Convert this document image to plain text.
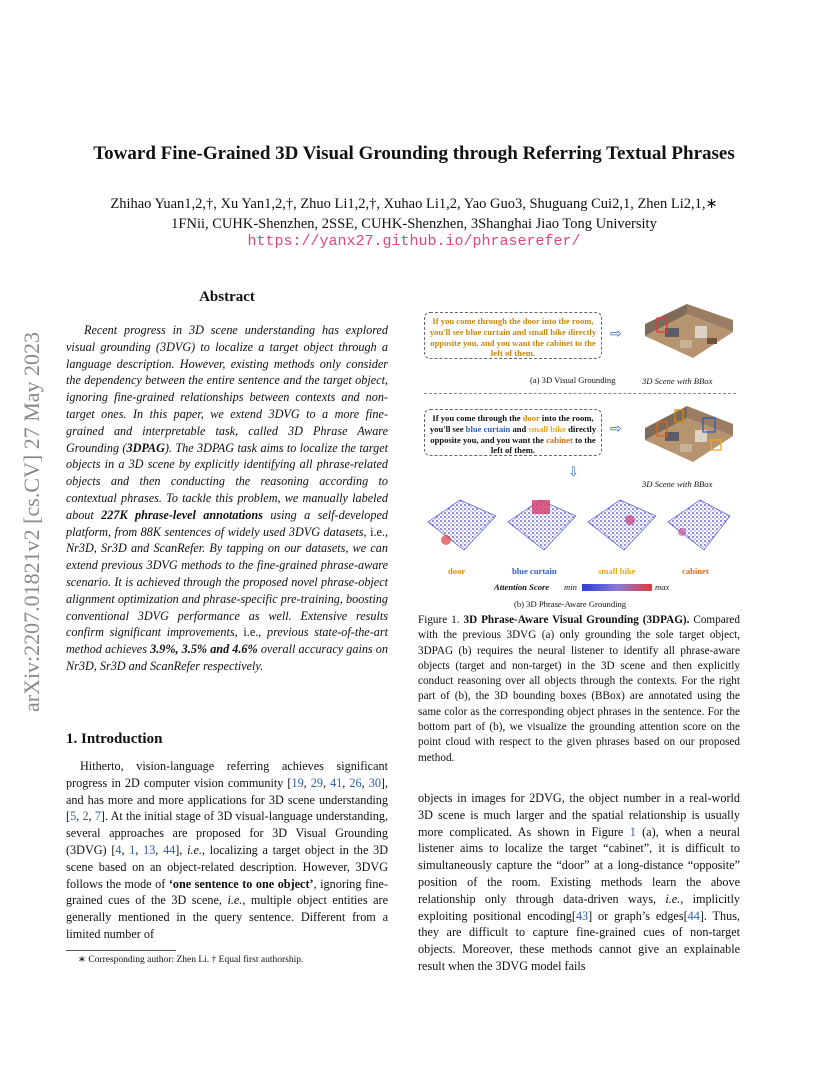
Toward Fine-Grained 3D Visual Grounding through Referring Textual Phrases
Zhihao Yuan1,2,†, Xu Yan1,2,†, Zhuo Li1,2,†, Xuhao Li1,2, Yao Guo3, Shuguang Cui2,1, Zhen Li2,1,∗
1FNii, CUHK-Shenzhen, 2SSE, CUHK-Shenzhen, 3Shanghai Jiao Tong University
https://yanx27.github.io/phraserefer/
arXiv:2207.01821v2 [cs.CV] 27 May 2023
Abstract

Recent progress in 3D scene understanding has explored visual grounding (3DVG) to localize a target object through a language description. However, existing methods only consider the dependency between the entire sentence and the target object, ignoring fine-grained relationships between contexts and non-target ones. In this paper, we extend 3DVG to a more fine-grained and interpretable task, called 3D Phrase Aware Grounding (3DPAG). The 3DPAG task aims to localize the target objects in a 3D scene by explicitly identifying all phrase-related objects and then conducting the reasoning according to contextual phrases. To tackle this problem, we manually labeled about 227K phrase-level annotations using a self-developed platform, from 88K sentences of widely used 3DVG datasets, i.e., Nr3D, Sr3D and ScanRefer. By tapping on our datasets, we can extend previous 3DVG methods to the fine-grained phrase-aware scenario. It is achieved through the proposed novel phrase-object alignment optimization and phrase-specific pre-training, boosting conventional 3DVG performance as well. Extensive results confirm significant improvements, i.e., previous state-of-the-art method achieves 3.9%, 3.5% and 4.6% overall accuracy gains on Nr3D, Sr3D and ScanRefer respectively.

1. Introduction

Hitherto, vision-language referring achieves significant progress in 2D computer vision community [19, 29, 41, 26, 30], and has more and more applications for 3D scene understanding [5, 2, 7]. At the initial stage of 3D visual-language understanding, several approaches are proposed for 3D Visual Grounding (3DVG) [4, 1, 13, 44], i.e., localizing a target object in the 3D scene based on an object-related description. However, 3DVG follows the mode of ‘one sentence to one object’, ignoring fine-grained cues of the 3D scene, i.e., multiple object entities are generally mentioned in the query sentence. Different from a limited number of

∗ Corresponding author: Zhen Li. † Equal first authorship.
If you come through the door into the room, you'll see blue curtain and small bike directly opposite you, and you want the cabinet to the left of them.
⇨
(a) 3D Visual Grounding	3D Scene with BBox
If you come through the door into the room, you'll see blue curtain and small bike directly opposite you, and you want the cabinet to the left of them.
⇨
3D Scene with BBox
⇩
door	blue curtain	small bike	cabinet
Attention Score min	max
(b) 3D Phrase-Aware Grounding
Figure 1. 3D Phrase-Aware Visual Grounding (3DPAG). Compared with the previous 3DVG (a) only grounding the sole target object, 3DPAG (b) requires the neural listener to identify all phrase-aware objects (target and non-target) in the 3D scene and then explicitly conduct reasoning over all objects through the contexts. For the right part of (b), the 3D bounding boxes (BBox) are annotated using the same color as the corresponding object phrases in the sentence. For the bottom part of (b), we visualize the grounding attention score on the point cloud with respect to the given phrases based on our proposed method.

objects in images for 2DVG, the object number in a real-world 3D scene is much larger and the spatial relationship is usually more complicated. As shown in Figure 1 (a), when a neural listener aims to localize the target “cabinet”, it is difficult to simultaneously capture the “door” at a long-distance “opposite” position of the room. Existing methods learn the above relationship only through data-driven ways, i.e., implicitly exploiting positional encoding[43] or graph’s edges[44]. Thus, they are difficult to capture fine-grained cues of non-target objects. Moreover, these methods cannot give an explainable result when the 3DVG model fails
